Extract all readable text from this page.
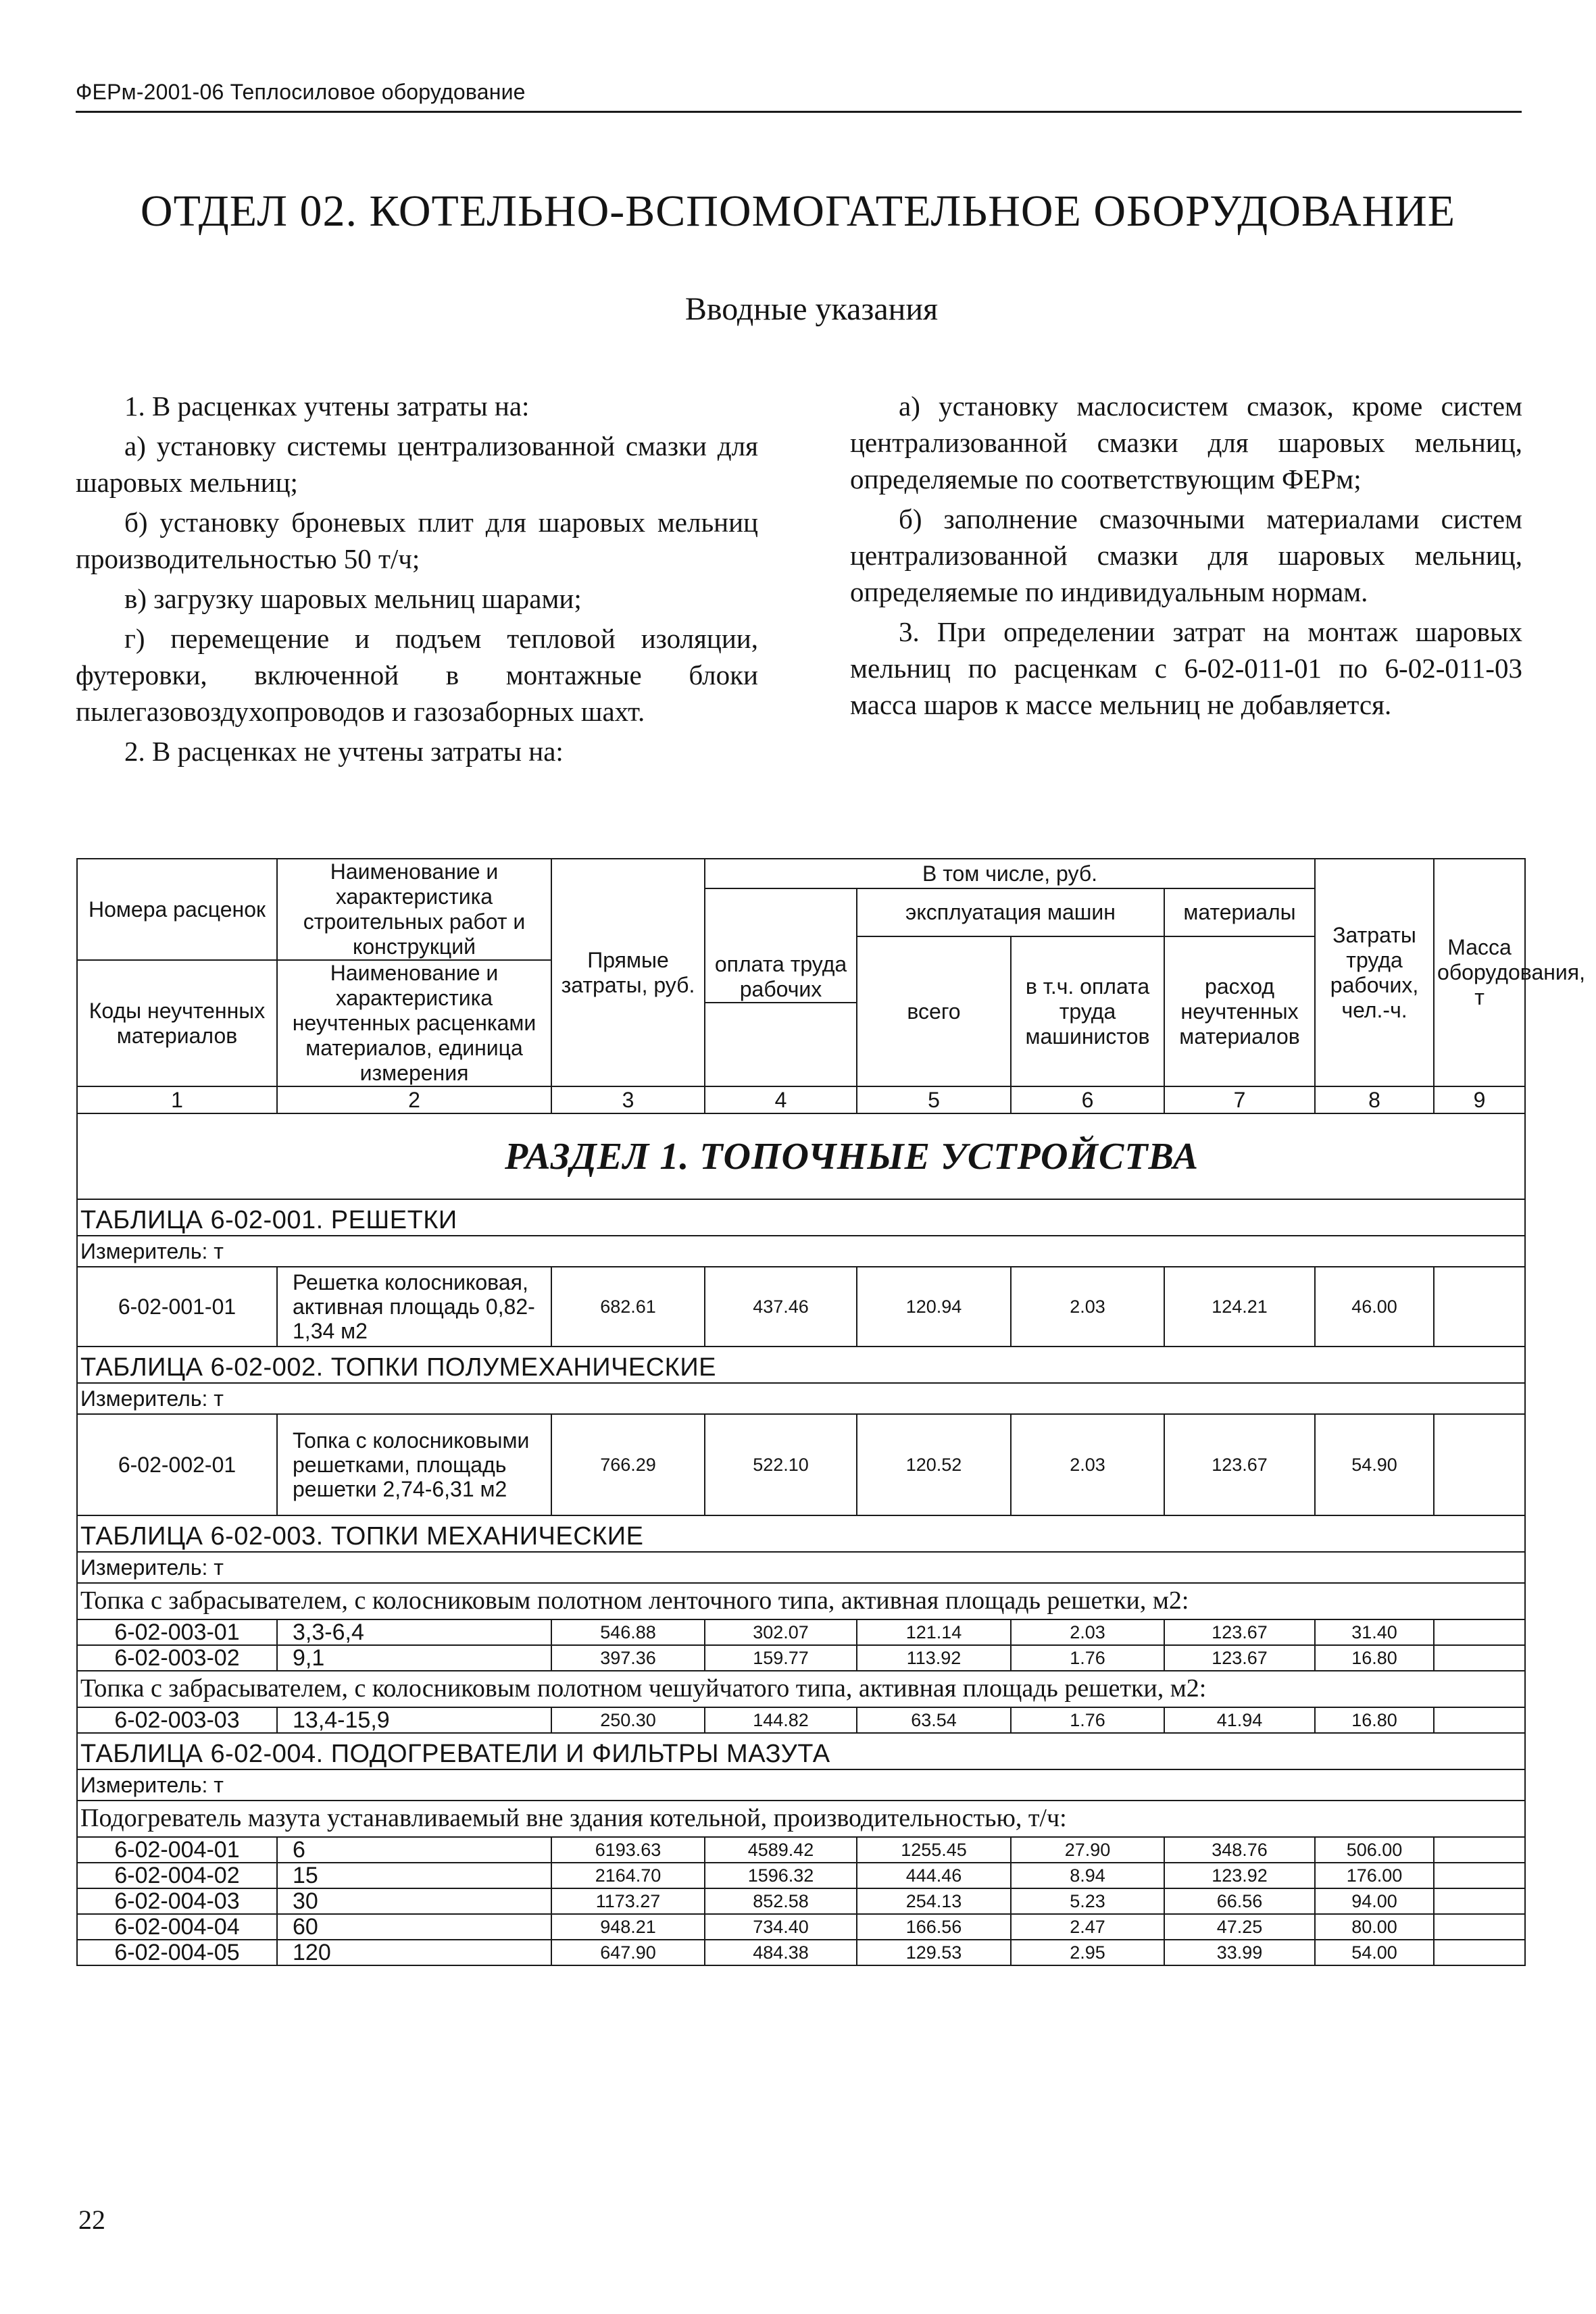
ФЕРм-2001-06 Теплосиловое оборудование
ОТДЕЛ 02. КОТЕЛЬНО-ВСПОМОГАТЕЛЬНОЕ ОБОРУДОВАНИЕ
Вводные указания

1. В расценках учтены затраты на:

а) установку системы централизованной смазки для шаровых мельниц;

б) установку броневых плит для шаровых мельниц производительностью 50 т/ч;

в) загрузку шаровых мельниц шарами;

г) перемещение и подъем тепловой изоляции, футеровки, включенной в монтажные блоки пылегазовоздухопроводов и газозаборных шахт.

2. В расценках не учтены затраты на:

а) установку маслосистем смазок, кроме систем централизованной смазки для шаровых мельниц, определяемые по соответствующим ФЕРм;

б) заполнение смазочными материалами систем централизованной смазки для шаровых мельниц, определяемые по индивидуальным нормам.

3. При определении затрат на монтаж шаровых мельниц по расценкам с 6-02-011-01 по 6-02-011-03 масса шаров к массе мельниц не добавляется.

Номера расценок	Наименование и характеристика строительных работ и конструкций	Прямые затраты, руб.	В том числе, руб.				Затраты труда рабочих, чел.-ч.	Масса оборудования, т
			оплата труда рабочих	эксплуатация машин		материалы		
				всего	в т.ч. оплата труда машинистов	расход неучтенных материалов		
Коды неучтенных материалов	Наименование и характеристика неучтенных расценками материалов, единица измерения							

1	2	3	4	5	6	7	8	9
РАЗДЕЛ 1. ТОПОЧНЫЕ УСТРОЙСТВА								
ТАБЛИЦА 6-02-001. РЕШЕТКИ								
Измеритель: т								
6-02-001-01	Решетка колосниковая, активная площадь 0,82-1,34 м2	682.61	437.46	120.94	2.03	124.21	46.00	
ТАБЛИЦА 6-02-002. ТОПКИ ПОЛУМЕХАНИЧЕСКИЕ								
Измеритель: т								
6-02-002-01	Топка с колосниковыми решетками, площадь решетки 2,74-6,31 м2	766.29	522.10	120.52	2.03	123.67	54.90	
ТАБЛИЦА 6-02-003. ТОПКИ МЕХАНИЧЕСКИЕ								
Измеритель: т								
Топка с забрасывателем, с колосниковым полотном ленточного типа, активная площадь решетки, м2:								
6-02-003-01	3,3-6,4	546.88	302.07	121.14	2.03	123.67	31.40	
6-02-003-02	9,1	397.36	159.77	113.92	1.76	123.67	16.80	
Топка с забрасывателем, с колосниковым полотном чешуйчатого типа, активная площадь решетки, м2:								
6-02-003-03	13,4-15,9	250.30	144.82	63.54	1.76	41.94	16.80	
ТАБЛИЦА 6-02-004. ПОДОГРЕВАТЕЛИ И ФИЛЬТРЫ МАЗУТА								
Измеритель: т								
Подогреватель мазута устанавливаемый вне здания котельной, производительностью, т/ч:								
6-02-004-01	6	6193.63	4589.42	1255.45	27.90	348.76	506.00	
6-02-004-02	15	2164.70	1596.32	444.46	8.94	123.92	176.00	
6-02-004-03	30	1173.27	852.58	254.13	5.23	66.56	94.00	
6-02-004-04	60	948.21	734.40	166.56	2.47	47.25	80.00	
6-02-004-05	120	647.90	484.38	129.53	2.95	33.99	54.00	
22
